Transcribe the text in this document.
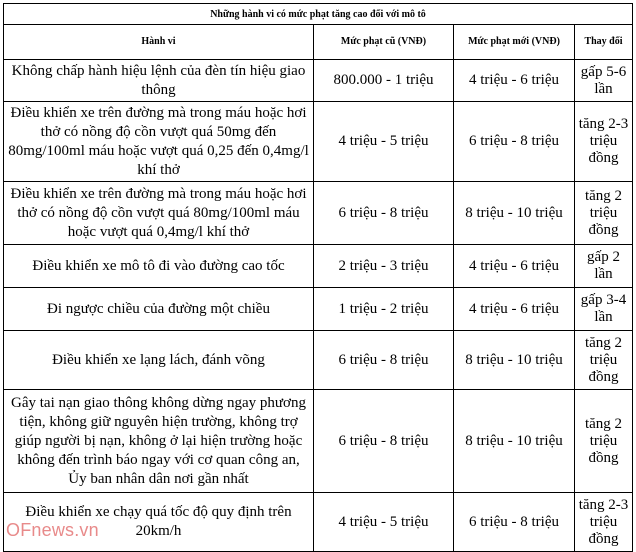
Những hành vi có mức phạt tăng cao đối với mô tô			
Hành vi	Mức phạt cũ (VNĐ)	Mức phạt mới (VNĐ)	Thay đổi
Không chấp hành hiệu lệnh của đèn tín hiệu giao thông	800.000 - 1 triệu	4 triệu - 6 triệu	gấp 5-6 lần
Điều khiển xe trên đường mà trong máu hoặc hơi thở có nồng độ cồn vượt quá 50mg đến 80mg/100ml máu hoặc vượt quá 0,25 đến 0,4mg/l khí thở	4 triệu - 5 triệu	6 triệu - 8 triệu	tăng 2-3 triệu đồng
Điều khiển xe trên đường mà trong máu hoặc hơi thở có nồng độ cồn vượt quá 80mg/100ml máu hoặc vượt quá 0,4mg/l khí thở	6 triệu - 8 triệu	8 triệu - 10 triệu	tăng 2 triệu đồng
Điều khiển xe mô tô đi vào đường cao tốc	2 triệu - 3 triệu	4 triệu - 6 triệu	gấp 2 lần
Đi ngược chiều của đường một chiều	1 triệu - 2 triệu	4 triệu - 6 triệu	gấp 3-4 lần
Điều khiển xe lạng lách, đánh võng	6 triệu - 8 triệu	8 triệu - 10 triệu	tăng 2 triệu đồng
Gây tai nạn giao thông không dừng ngay phương tiện, không giữ nguyên hiện trường, không trợ giúp người bị nạn, không ở lại hiện trường hoặc không đến trình báo ngay với cơ quan công an, Ủy ban nhân dân nơi gần nhất	6 triệu - 8 triệu	8 triệu - 10 triệu	tăng 2 triệu đồng
Điều khiển xe chạy quá tốc độ quy định trên 20km/h	4 triệu - 5 triệu	6 triệu - 8 triệu	tăng 2-3 triệu đồng
OFnews.vn
